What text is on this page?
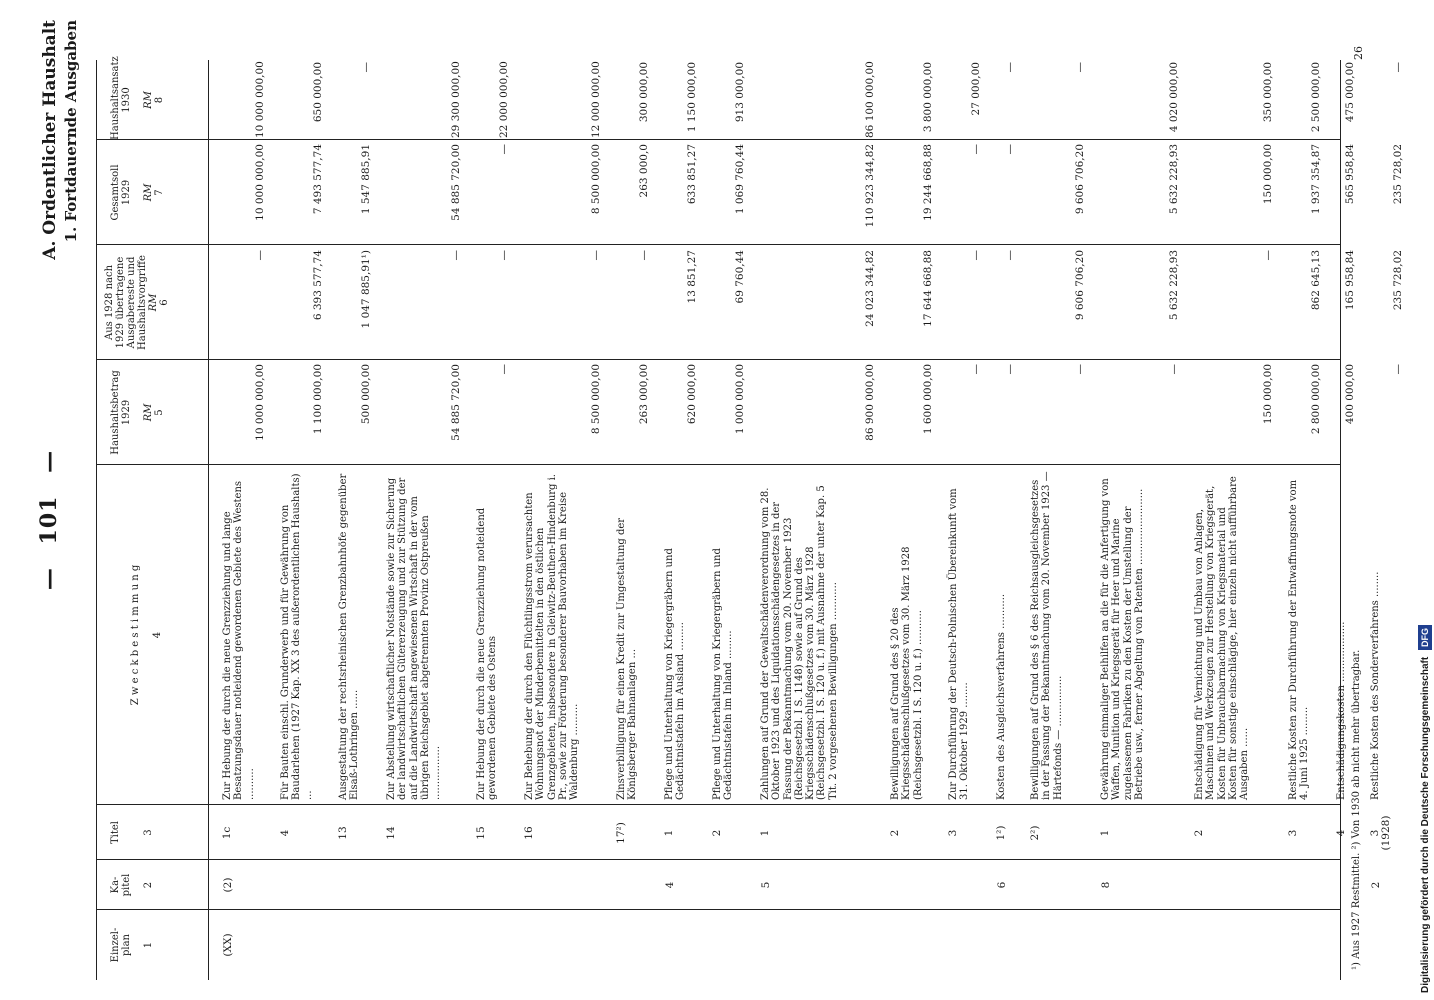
— 101 —
A. Ordentlicher Haushalt 1. Fortdauernde Ausgaben
Einzel-
plan 1
Ka-
pitel 2
Titel 3
Z w e c k b e s t i m m u n g 4
Haushaltsbetrag
1929 RM
5
Aus 1928 nach
1929 übertragene
Ausgabereste und
Haushaltsvorgriffe
RM
6
Gesamtsoll
1929 RM
7
Haushaltsansatz
1930 RM
8
(XX)
(2)
1c
Zur Hebung der durch die neue Grenzziehung und lange Besatzungsdauer notleidend gewordenen Gebiete des Westens ..........
10 000 000,00
—
10 000 000,00
10 000 000,00
4
Für Bauten einschl. Grunderwerb und für Gewährung von Baudarlehen (1927 Kap. XX 3 des außerordentlichen Haushalts) ...
1 100 000,00
6 393 577,74
7 493 577,74
650 000,00
13
Ausgestaltung der rechtsrheinischen Grenzbahnhöfe gegenüber Elsaß-Lothringen ......
500 000,00
1 047 885,91¹)
1 547 885,91
—
14
Zur Abstellung wirtschaftlicher Notstände sowie zur Sicherung der landwirtschaftlichen Gütererzeugung und zur Stützung der auf die Landwirtschaft angewiesenen Wirtschaft in der vom übrigen Reichsgebiet abgetrennten Provinz Ostpreußen .................
54 885 720,00
—
54 885 720,00
29 300 000,00
15
Zur Hebung der durch die neue Grenzziehung notleidend gewordenen Gebiete des Ostens
—
—
—
22 000 000,00
16
Zur Behebung der durch den Flüchtlingsstrom verursachten Wohnungsnot der Minderbemittelten in den östlichen Grenzgebieten, insbesondere in Gleiwitz-Beuthen-Hindenburg i. Pr., sowie zur Förderung besonderer Bauvorhaben im Kreise Waldenburg ..........
8 500 000,00
—
8 500 000,00
12 000 000,00
17²)
Zinsverbilligung für einen Kredit zur Umgestaltung der Königsberger Bahnanlagen ...
263 000,00
—
263 000,0
300 000,00
4
1
Pflege und Unterhaltung von Kriegergräbern und Gedächtnistafeln im Ausland .........
620 000,00
13 851,27
633 851,27
1 150 000,00
2
Pflege und Unterhaltung von Kriegergräbern und Gedächtnistafeln im Inland .........
1 000 000,00
69 760,44
1 069 760,44
913 000,00
5
1
Zahlungen auf Grund der Gewaltschädenverordnung vom 28. Oktober 1923 und des Liquidationsschädengesetzes in der Fassung der Bekanntmachung vom 20. November 1923 (Reichsgesetzbl. I S. 1148) sowie auf Grund des Kriegsschädenschlußgesetzes vom 30. März 1928 (Reichsgesetzbl. I S. 120 u. f.) mit Ausnahme der unter Kap. 5 Tit. 2 vorgesehenen Bewilligungen ............
86 900 000,00
24 023 344,82
110 923 344,82
86 100 000,00
2
Bewilligungen auf Grund des § 20 des Kriegsschädenschlußgesetzes vom 30. März 1928 (Reichsgesetzbl. I S. 120 u. f.) ...........
1 600 000,00
17 644 668,88
19 244 668,88
3 800 000,00
3
Zur Durchführung der Deutsch-Polnischen Übereinkunft vom 31. Oktober 1929 ........
—
—
—
27 000,00
6
1²)
Kosten des Ausgleichsverfahrens ...........
—
—
—
—
2²)
Bewilligungen auf Grund des § 6 des Reichsausgleichsgesetzes in der Fassung der Bekanntmachung vom 20. November 1923 — Härtefonds — ................
—
9 606 706,20
9 606 706,20
—
8
1
Gewährung einmaliger Beihilfen an die für die Anfertigung von Waffen, Munition und Kriegsgerät für Heer und Marine zugelassenen Fabriken zu den Kosten der Umstellung der Betriebe usw., ferner Abgeltung von Patenten ........................
—
5 632 228,93
5 632 228,93
4 020 000,00
2
Entschädigung für Vernichtung und Umbau von Anlagen, Maschinen und Werkzeugen zur Herstellung von Kriegsgerät, Kosten für Unbrauchbarmachung von Kriegsmaterial und Kosten für sonstige einschlägige, hier einzeln nicht aufführbare Ausgaben ......
150 000,00
—
150 000,00
350 000,00
3
Restliche Kosten zur Durchführung der Entwaffnungsnote vom 4. Juni 1925 .........
2 800 000,00
862 645,13
1 937 354,87
2 500 000,00
4
Entschädigungskosten ...................
400 000,00
165 958,84
565 958,84
475 000,00
2
3
(1928)
Restliche Kosten des Sonderverfahrens ........
—
235 728,02
235 728,02
—
¹) Aus 1927 Restmittel. ²) Von 1930 ab nicht mehr übertragbar.
26
Digitalisierung gefördert durch die Deutsche Forschungsgemeinschaft DFG
